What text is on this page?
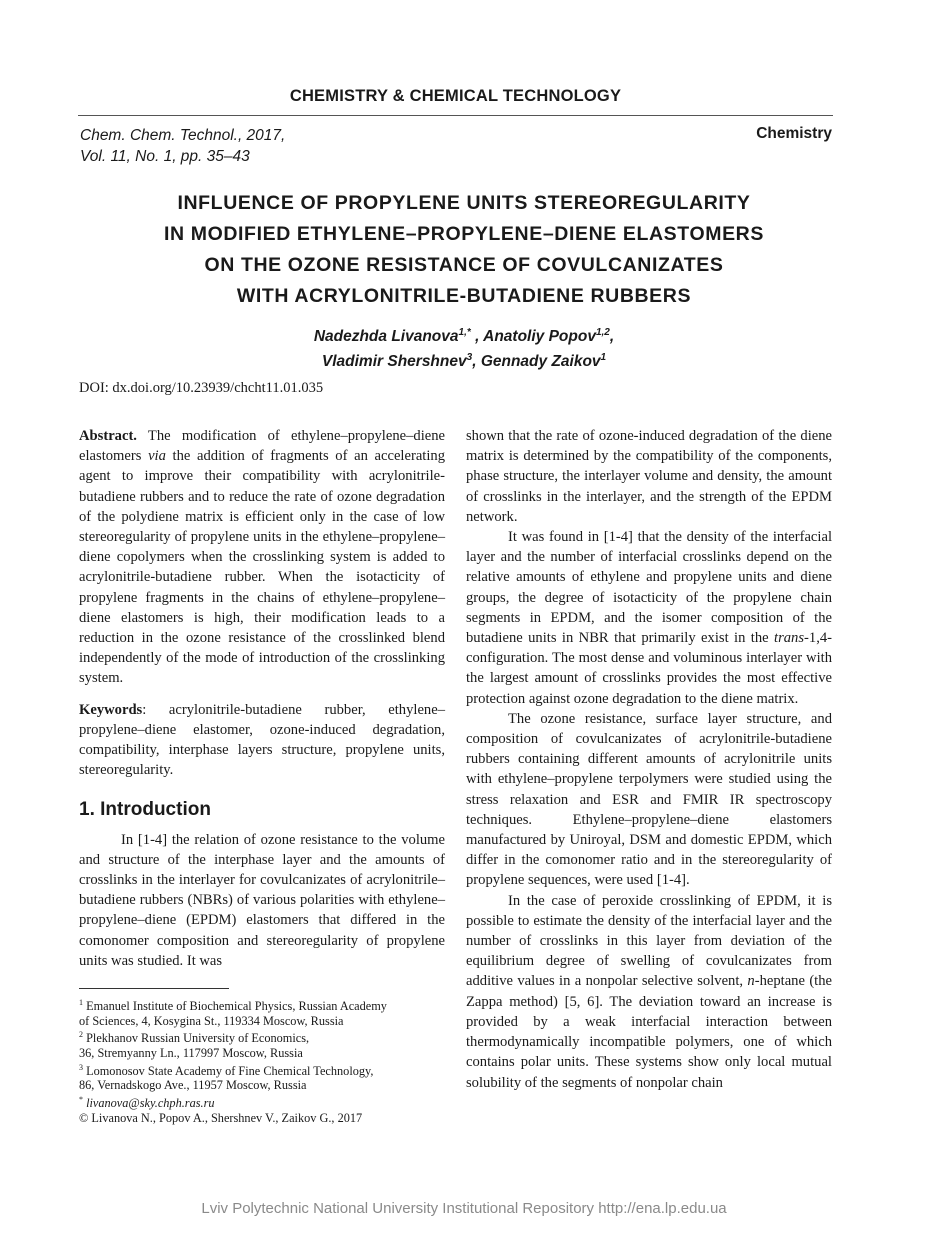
CHEMISTRY & CHEMICAL TECHNOLOGY
Chem. Chem. Technol., 2017,
Vol. 11, No. 1, pp. 35–43
Chemistry
INFLUENCE OF PROPYLENE UNITS STEREOREGULARITY
IN MODIFIED ETHYLENE–PROPYLENE–DIENE ELASTOMERS
ON THE OZONE RESISTANCE OF COVULCANIZATES
WITH ACRYLONITRILE-BUTADIENE RUBBERS
Nadezhda Livanova$^{1,*}$ , Anatoliy Popov$^{1,2}$,
Vladimir Shershnev$^3$, Gennady Zaikov$^1$
DOI: dx.doi.org/10.23939/chcht11.01.035

Abstract. The modification of ethylene–propylene–diene elastomers via the addition of fragments of an accelerating agent to improve their compatibility with acrylonitrile-butadiene rubbers and to reduce the rate of ozone degradation of the polydiene matrix is efficient only in the case of low stereoregularity of propylene units in the ethylene–propylene–diene copolymers when the crosslinking system is added to acrylonitrile-butadiene rubber. When the isotacticity of propylene fragments in the chains of ethylene–propylene–diene elastomers is high, their modification leads to a reduction in the ozone resistance of the crosslinked blend independently of the mode of introduction of the crosslinking system.

Keywords: acrylonitrile-butadiene rubber, ethylene–propylene–diene elastomer, ozone-induced degradation, compatibility, interphase layers structure, propylene units, stereoregularity.

1. Introduction

In [1-4] the relation of ozone resistance to the volume and structure of the interphase layer and the amounts of crosslinks in the interlayer for covulcanizates of acrylonitrile–butadiene rubbers (NBRs) of various polarities with ethylene–propylene–diene (EPDM) elastomers that differed in the comonomer composition and stereoregularity of propylene units was studied. It was

shown that the rate of ozone-induced degradation of the diene matrix is determined by the compatibility of the components, phase structure, the interlayer volume and density, the amount of crosslinks in the interlayer, and the strength of the EPDM network.

It was found in [1-4] that the density of the interfacial layer and the number of interfacial crosslinks depend on the relative amounts of ethylene and propylene units and diene groups, the degree of isotacticity of the propylene chain segments in EPDM, and the isomer composition of the butadiene units in NBR that primarily exist in the trans-1,4-configuration. The most dense and voluminous interlayer with the largest amount of crosslinks provides the most effective protection against ozone degradation to the diene matrix.

The ozone resistance, surface layer structure, and composition of covulcanizates of acrylonitrile-butadiene rubbers containing different amounts of acrylonitrile units with ethylene–propylene terpolymers were studied using the stress relaxation and ESR and FMIR IR spectroscopy techniques. Ethylene–propylene–diene elastomers manufactured by Uniroyal, DSM and domestic EPDM, which differ in the comonomer ratio and in the stereoregularity of propylene sequences, were used [1-4].

In the case of peroxide crosslinking of EPDM, it is possible to estimate the density of the interfacial layer and the number of crosslinks in this layer from deviation of the equilibrium degree of swelling of covulcanizates from additive values in a nonpolar selective solvent, n-heptane (the Zappa method) [5, 6]. The deviation toward an increase is provided by a weak interfacial interaction between thermodynamically incompatible polymers, one of which contains polar units. These systems show only local mutual solubility of the segments of nonpolar chain

$^1$ Emanuel Institute of Biochemical Physics, Russian Academy
of Sciences, 4, Kosygina St., 119334 Moscow, Russia
$^2$ Plekhanov Russian University of Economics,
36, Stremyanny Ln., 117997 Moscow, Russia
$^3$ Lomonosov State Academy of Fine Chemical Technology,
86, Vernadskogo Ave., 11957 Moscow, Russia
* livanova@sky.chph.ras.ru
© Livanova N., Popov A., Shershnev V., Zaikov G., 2017
Lviv Polytechnic National University Institutional Repository http://ena.lp.edu.ua
